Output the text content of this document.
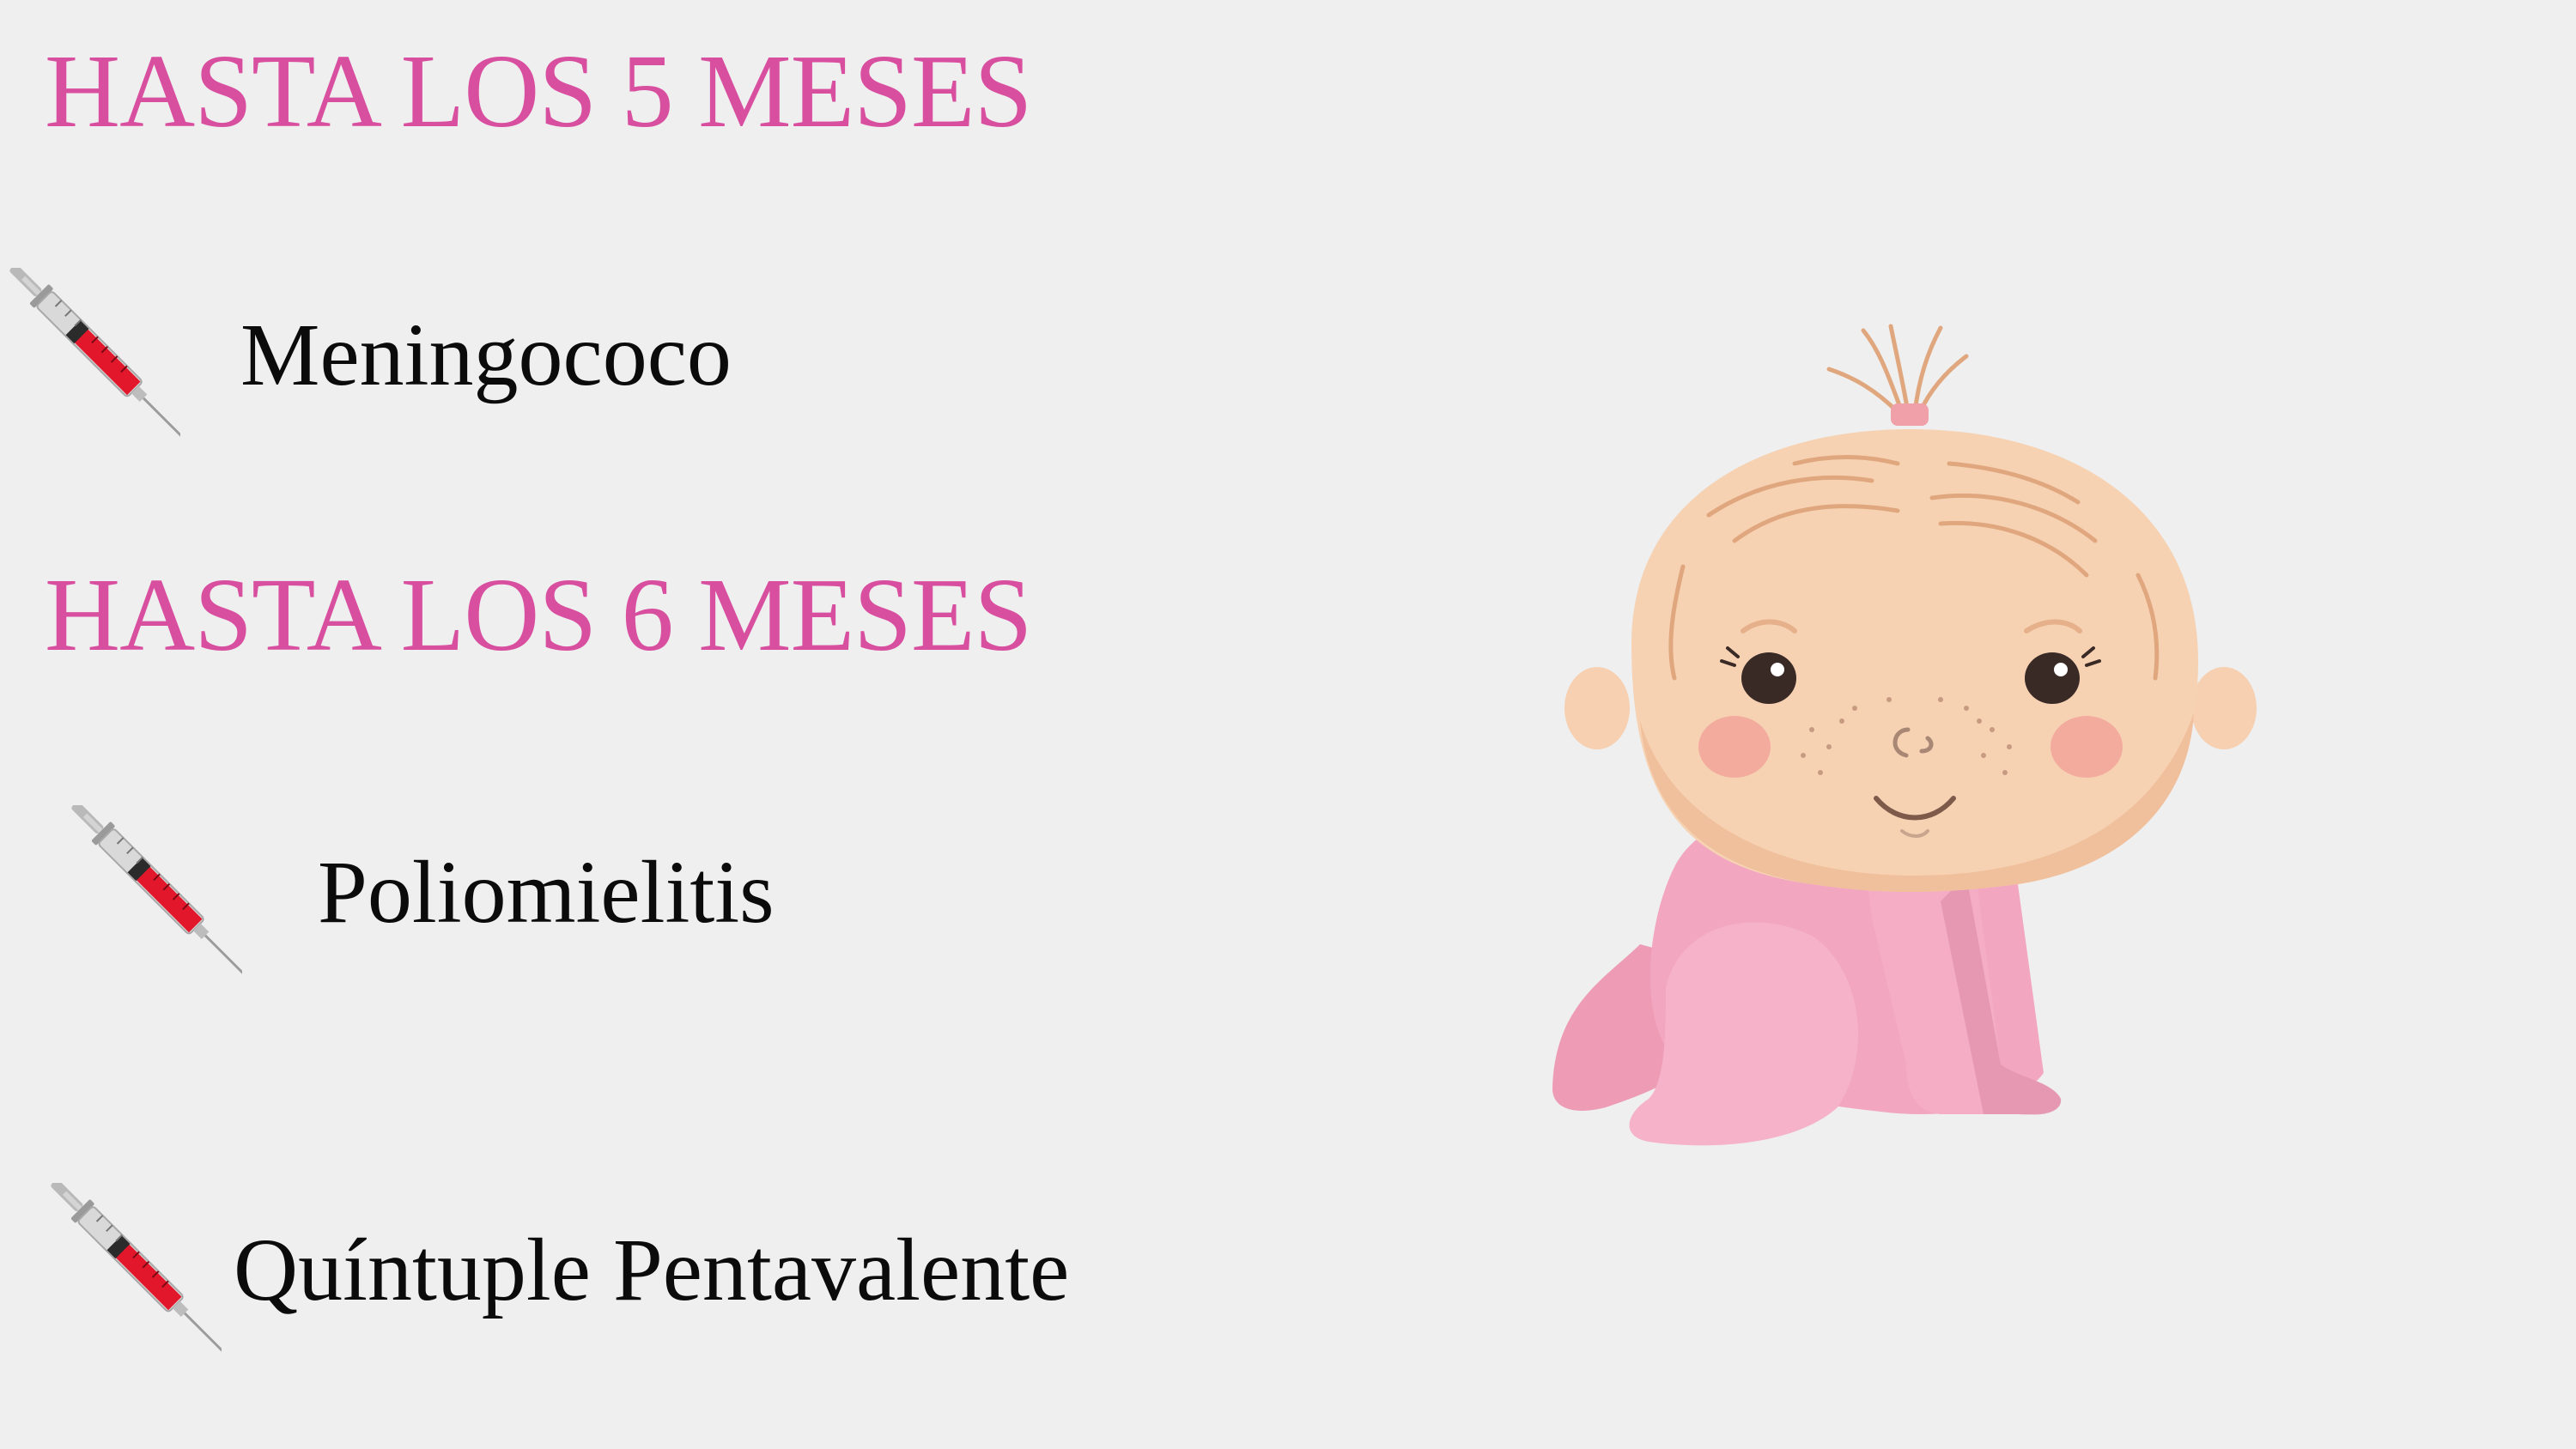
HASTA LOS 5 MESES
Meningococo
HASTA LOS 6 MESES
Poliomielitis
Quíntuple Pentavalente
